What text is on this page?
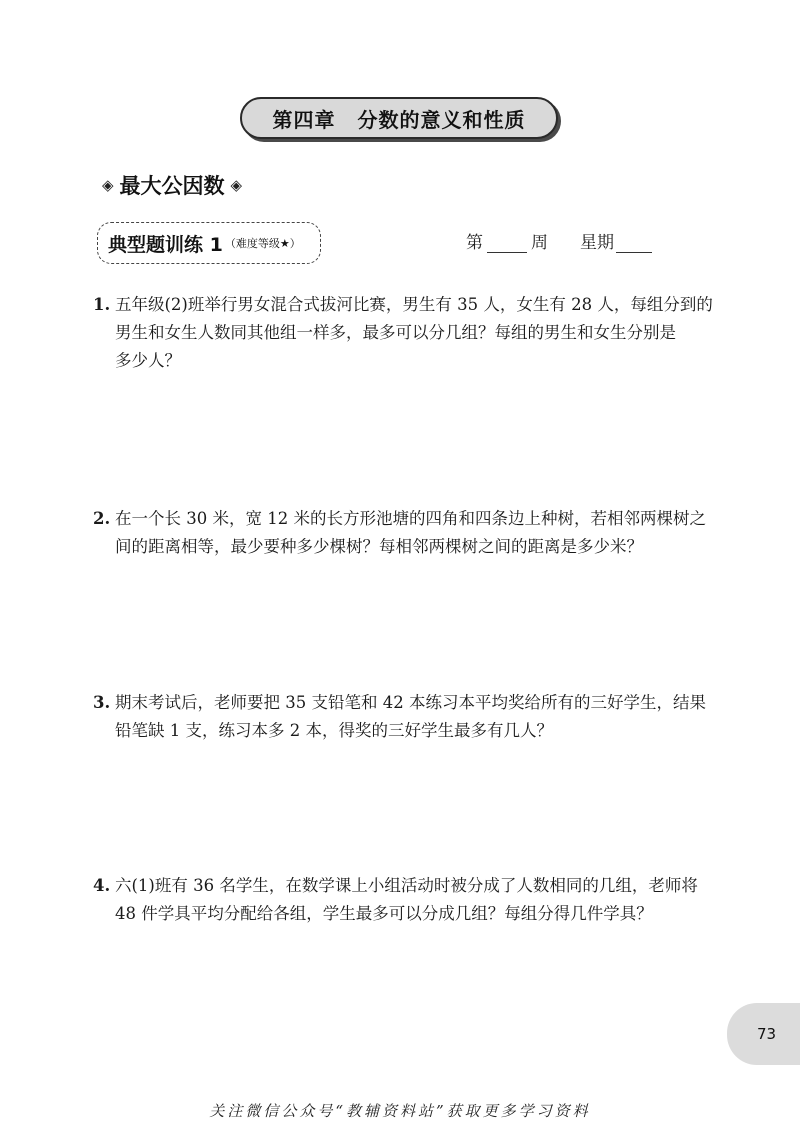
第四章 分数的意义和性质
◈ 最大公因数 ◈
典型题训练 1 （难度等级★）	第	周 星期
1. 五年级(2)班举行男女混合式拔河比赛，男生有 35 人，女生有 28 人，每组分到的
男生和女生人数同其他组一样多，最多可以分几组？每组的男生和女生分别是
多少人？
2. 在一个长 30 米，宽 12 米的长方形池塘的四角和四条边上种树，若相邻两棵树之
间的距离相等，最少要种多少棵树？每相邻两棵树之间的距离是多少米？
3. 期末考试后，老师要把 35 支铅笔和 42 本练习本平均奖给所有的三好学生，结果
铅笔缺 1 支，练习本多 2 本，得奖的三好学生最多有几人？
4. 六(1)班有 36 名学生，在数学课上小组活动时被分成了人数相同的几组，老师将
48 件学具平均分配给各组，学生最多可以分成几组？每组分得几件学具？
73
关注微信公众号“教辅资料站”获取更多学习资料
